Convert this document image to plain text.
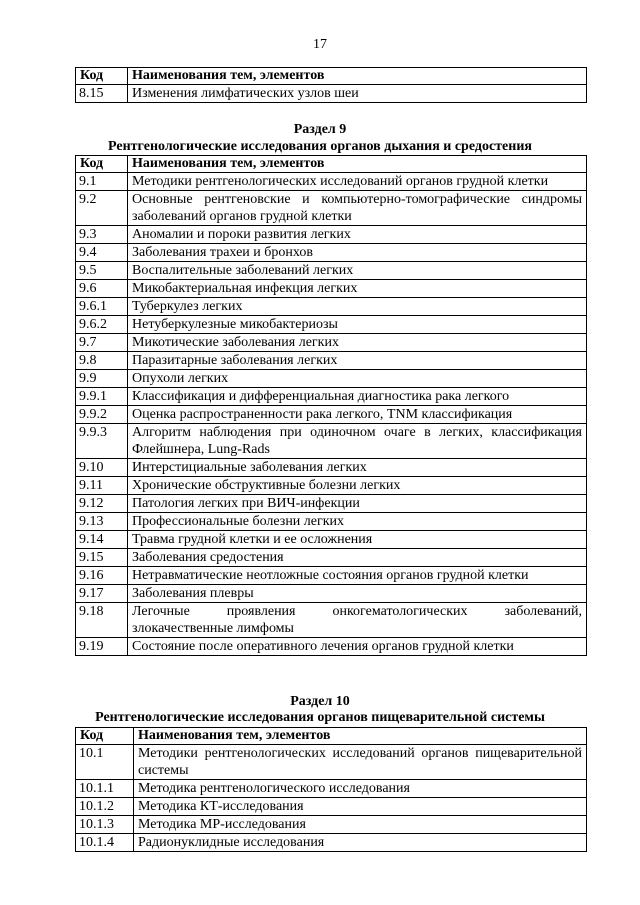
17
Код	Наименования тем, элементов
8.15	Изменения лимфатических узлов шеи
Раздел 9
Рентгенологические исследования органов дыхания и средостения
Код	Наименования тем, элементов
9.1	Методики рентгенологических исследований органов грудной клетки
9.2	Основные рентгеновские и компьютерно-томографические синдромы заболеваний органов грудной клетки
9.3	Аномалии и пороки развития легких
9.4	Заболевания трахеи и бронхов
9.5	Воспалительные заболеваний легких
9.6	Микобактериальная инфекция легких
9.6.1	Туберкулез легких
9.6.2	Нетуберкулезные микобактериозы
9.7	Микотические заболевания легких
9.8	Паразитарные заболевания легких
9.9	Опухоли легких
9.9.1	Классификация и дифференциальная диагностика рака легкого
9.9.2	Оценка распространенности рака легкого, TNM классификация
9.9.3	Алгоритм наблюдения при одиночном очаге в легких, классификация Флейшнера, Lung-Rads
9.10	Интерстициальные заболевания легких
9.11	Хронические обструктивные болезни легких
9.12	Патология легких при ВИЧ-инфекции
9.13	Профессиональные болезни легких
9.14	Травма грудной клетки и ее осложнения
9.15	Заболевания средостения
9.16	Нетравматические неотложные состояния органов грудной клетки
9.17	Заболевания плевры
9.18	Легочные проявления онкогематологических заболеваний, злокачественные лимфомы
9.19	Состояние после оперативного лечения органов грудной клетки
Раздел 10
Рентгенологические исследования органов пищеварительной системы
Код	Наименования тем, элементов
10.1	Методики рентгенологических исследований органов пищеварительной системы
10.1.1	Методика рентгенологического исследования
10.1.2	Методика КТ-исследования
10.1.3	Методика МР-исследования
10.1.4	Радионуклидные исследования
